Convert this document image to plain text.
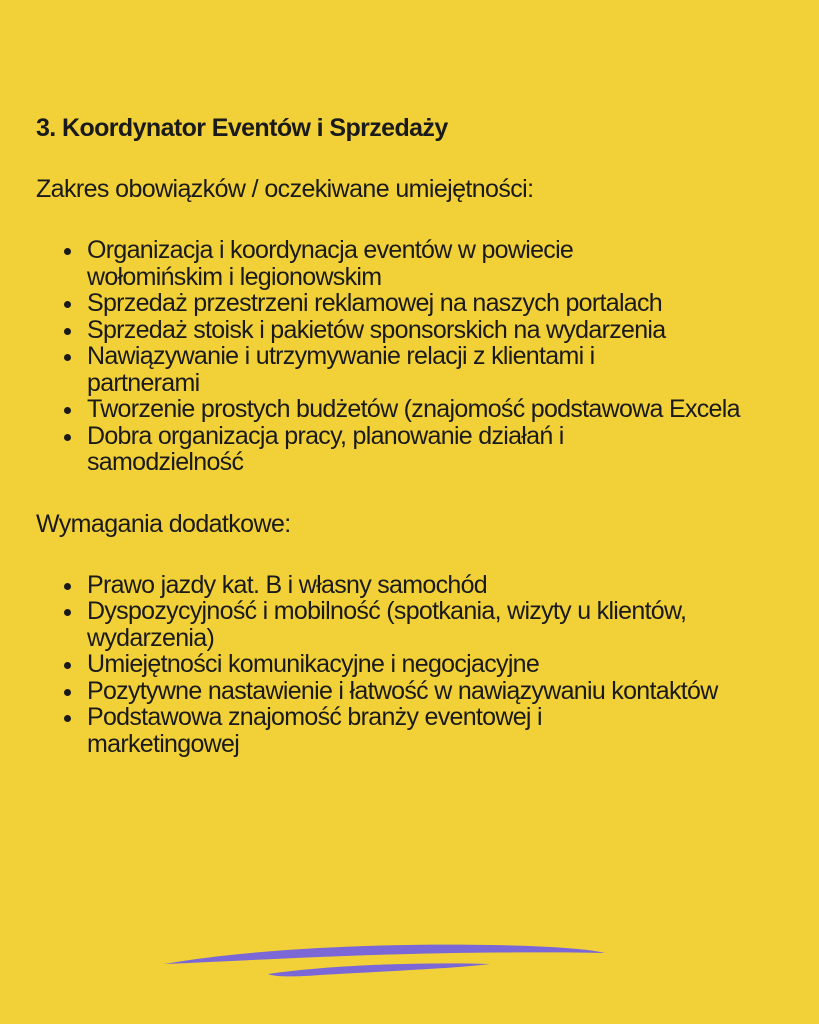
3. Koordynator Eventów i Sprzedaży

Zakres obowiązków / oczekiwane umiejętności:

Organizacja i koordynacja eventów w powiecie wołomińskim i legionowskim
Sprzedaż przestrzeni reklamowej na naszych portalach
Sprzedaż stoisk i pakietów sponsorskich na wydarzenia
Nawiązywanie i utrzymywanie relacji z klientami i partnerami
Tworzenie prostych budżetów (znajomość podstawowa Excela
Dobra organizacja pracy, planowanie działań i samodzielność

Wymagania dodatkowe:

Prawo jazdy kat. B i własny samochód
Dyspozycyjność i mobilność (spotkania, wizyty u klientów, wydarzenia)
Umiejętności komunikacyjne i negocjacyjne
Pozytywne nastawienie i łatwość w nawiązywaniu kontaktów
Podstawowa znajomość branży eventowej i marketingowej
